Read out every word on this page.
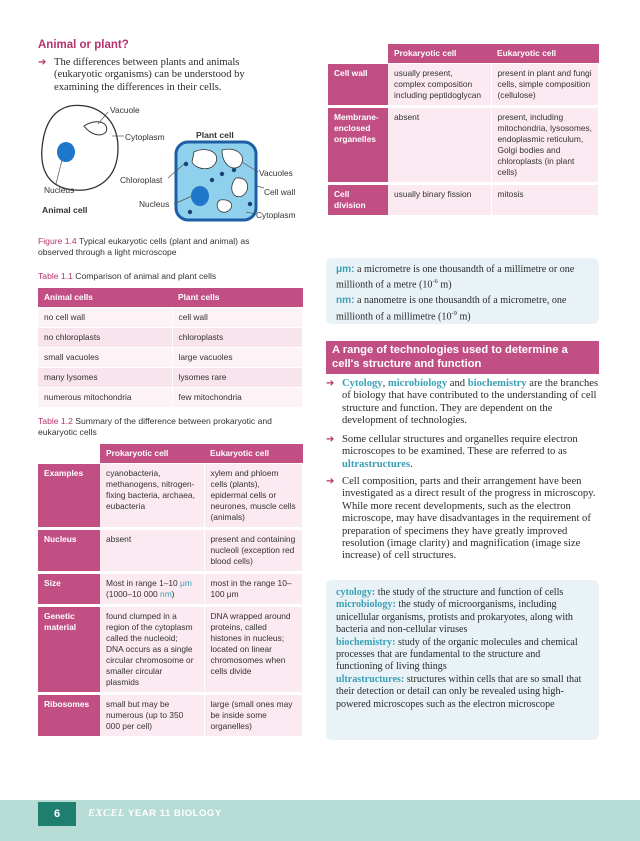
Animal or plant?
➔ The differences between plants and animals (eukaryotic organisms) can be understood by examining the differences in their cells.
Vacuole
Cytoplasm
Nucleus
Animal cell
Plant cell
Chloroplast
Vacuoles
Cell wall
Nucleus
Cytoplasm
Figure 1.4 Typical eukaryotic cells (plant and animal) as observed through a light microscope
Table 1.1 Comparison of animal and plant cells
Animal cells	Plant cells
no cell wall	cell wall
no chloroplasts	chloroplasts
small vacuoles	large vacuoles
many lysomes	lysomes rare
numerous mitochondria	few mitochondria
Table 1.2 Summary of the difference between prokaryotic and eukaryotic cells
	Prokaryotic cell	Eukaryotic cell
Examples	cyanobacteria, methanogens, nitrogen-fixing bacteria, archaea, eubacteria	xylem and phloem cells (plants), epidermal cells or neurones, muscle cells (animals)
Nucleus	absent	present and containing nucleoli (exception red blood cells)
Size	Most in range 1–10 μm (1000–10 000 nm)	most in the range 10–100 μm
Genetic material	found clumped in a region of the cytoplasm called the nucleoid; DNA occurs as a single circular chromosome or smaller circular plasmids	DNA wrapped around proteins, called histones in nucleus; located on linear chromosomes when cells divide
Ribosomes	small but may be numerous (up to 350 000 per cell)	large (small ones may be inside some organelles)
	Prokaryotic cell	Eukaryotic cell
Cell wall	usually present, complex composition including peptidoglycan	present in plant and fungi cells, simple composition (cellulose)
Membrane-enclosed organelles	absent	present, including mitochondria, lysosomes, endoplasmic reticulum, Golgi bodies and chloroplasts (in plant cells)
Cell division	usually binary fission	mitosis
μm: a micrometre is one thousandth of a millimetre or one millionth of a metre ($10^{-6}$ m)
nm: a nanometre is one thousandth of a micrometre, one millionth of a millimetre ($10^{-9}$ m)
A range of technologies used to determine a cell's structure and function
➔ Cytology, microbiology and biochemistry are the branches of biology that have contributed to the understanding of cell structure and function. They are dependent on the development of technologies.
➔ Some cellular structures and organelles require electron microscopes to be examined. These are referred to as ultrastructures.
➔ Cell composition, parts and their arrangement have been investigated as a direct result of the progress in microscopy. While more recent developments, such as the electron microscope, may have disadvantages in the requirement of preparation of specimens they have greatly improved resolution (image clarity) and magnification (image size increase) of cell structures.
cytology: the study of the structure and function of cells
microbiology: the study of microorganisms, including unicellular organisms, protists and prokaryotes, along with bacteria and non-cellular viruses
biochemistry: study of the organic molecules and chemical processes that are fundamental to the structure and functioning of living things
ultrastructures: structures within cells that are so small that their detection or detail can only be revealed using high-powered microscopes such as the electron microscope
6	EXCEL YEAR 11 BIOLOGY
